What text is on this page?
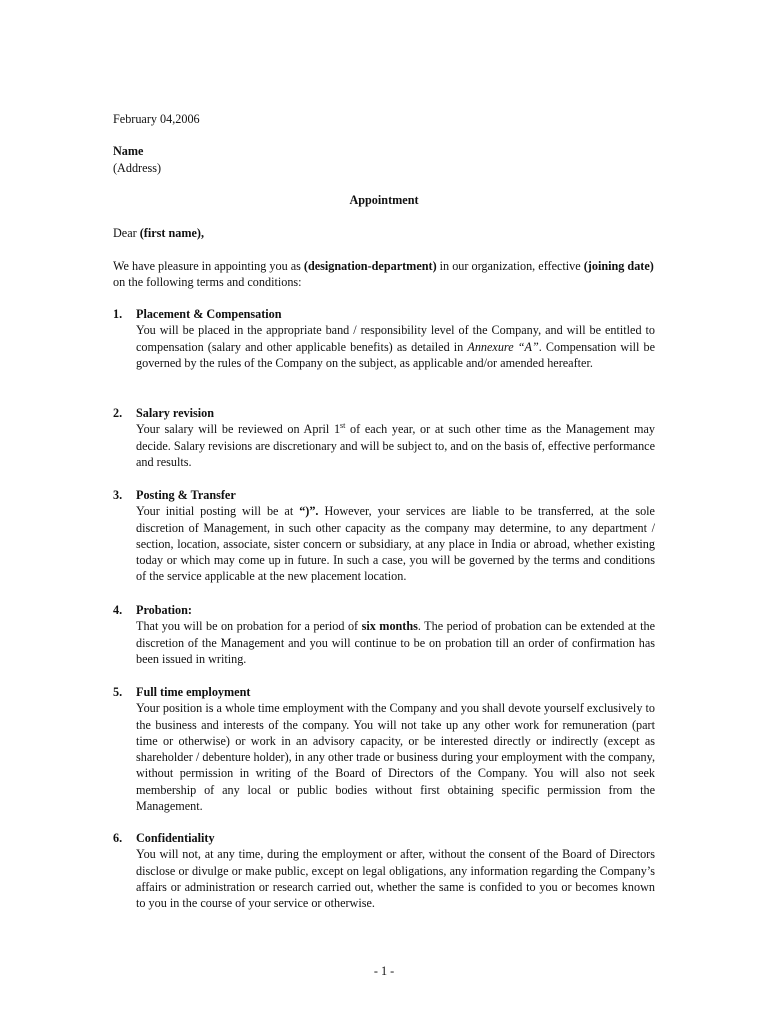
February 04,2006
Name
(Address)
Appointment
Dear (first name),
We have pleasure in appointing you as (designation-department) in our organization, effective (joining date) on the following terms and conditions:
1. Placement & Compensation
You will be placed in the appropriate band / responsibility level of the Company, and will be entitled to compensation (salary and other applicable benefits) as detailed in Annexure “A”. Compensation will be governed by the rules of the Company on the subject, as applicable and/or amended hereafter.
2. Salary revision
Your salary will be reviewed on April 1st of each year, or at such other time as the Management may decide. Salary revisions are discretionary and will be subject to, and on the basis of, effective performance and results.
3. Posting & Transfer
Your initial posting will be at “)”. However, your services are liable to be transferred, at the sole discretion of Management, in such other capacity as the company may determine, to any department / section, location, associate, sister concern or subsidiary, at any place in India or abroad, whether existing today or which may come up in future. In such a case, you will be governed by the terms and conditions of the service applicable at the new placement location.
4. Probation:
That you will be on probation for a period of six months. The period of probation can be extended at the discretion of the Management and you will continue to be on probation till an order of confirmation has been issued in writing.
5. Full time employment
Your position is a whole time employment with the Company and you shall devote yourself exclusively to the business and interests of the company. You will not take up any other work for remuneration (part time or otherwise) or work in an advisory capacity, or be interested directly or indirectly (except as shareholder / debenture holder), in any other trade or business during your employment with the company, without permission in writing of the Board of Directors of the Company. You will also not seek membership of any local or public bodies without first obtaining specific permission from the Management.
6. Confidentiality
You will not, at any time, during the employment or after, without the consent of the Board of Directors disclose or divulge or make public, except on legal obligations, any information regarding the Company’s affairs or administration or research carried out, whether the same is confided to you or becomes known to you in the course of your service or otherwise.
- 1 -
